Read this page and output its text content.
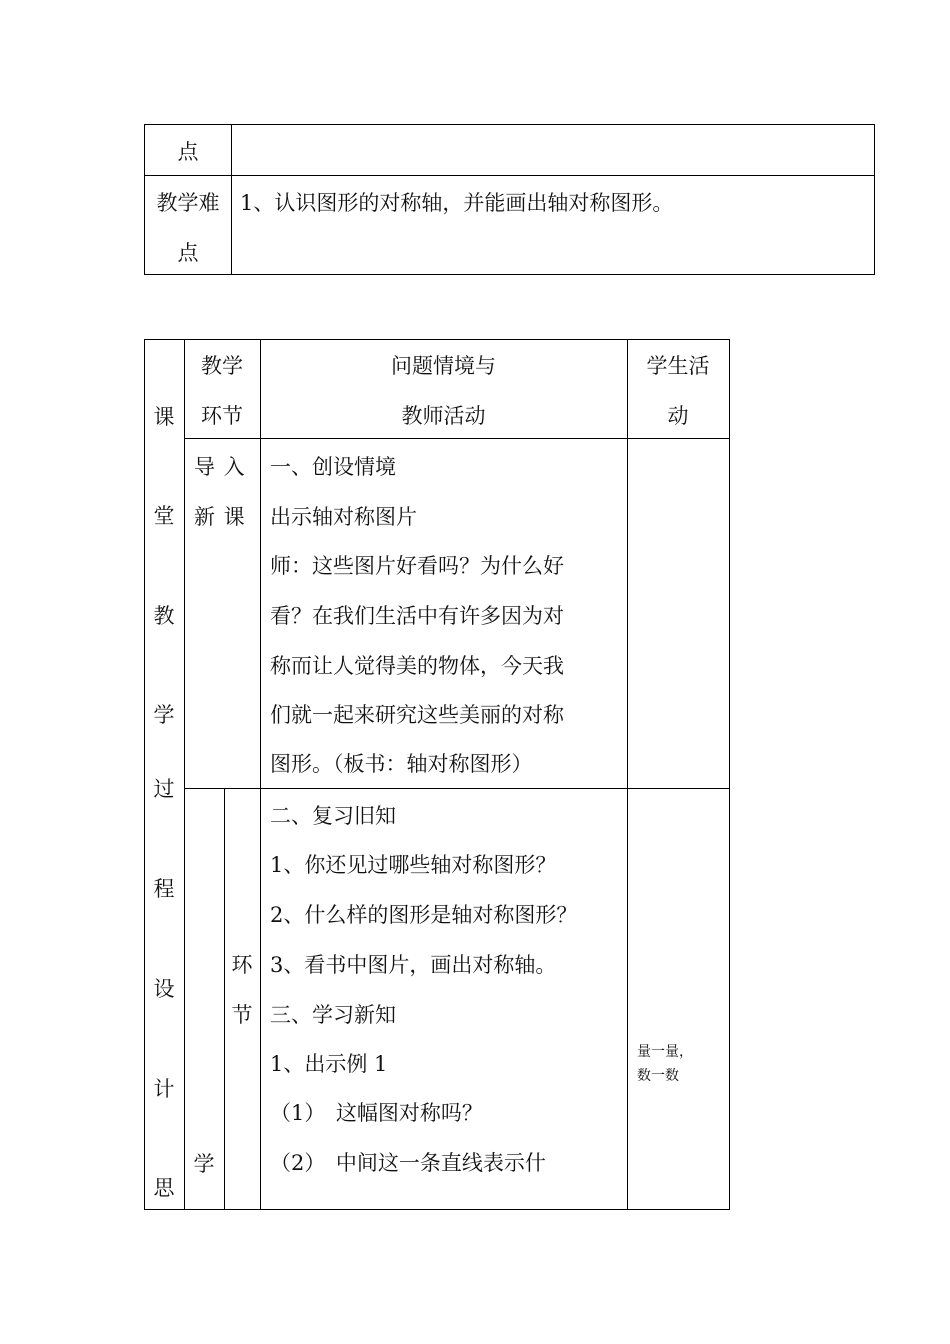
点
教学难
点
1、认识图形的对称轴，并能画出轴对称图形。
课
堂
教
学
过
程
设
计
思
教学
环节
问题情境与
教师活动
学生活
动
导 入
新 课
一、创设情境
出示轴对称图片
师：这些图片好看吗？为什么好
看？在我们生活中有许多因为对
称而让人觉得美的物体，今天我
们就一起来研究这些美丽的对称
图形。（板书：轴对称图形）
学
环
节
二、复习旧知
1、你还见过哪些轴对称图形？
2、什么样的图形是轴对称图形？
3、看书中图片，画出对称轴。
三、学习新知
1、出示例 1
（1）　这幅图对称吗？
（2）　中间这一条直线表示什
量一量，
数一数
